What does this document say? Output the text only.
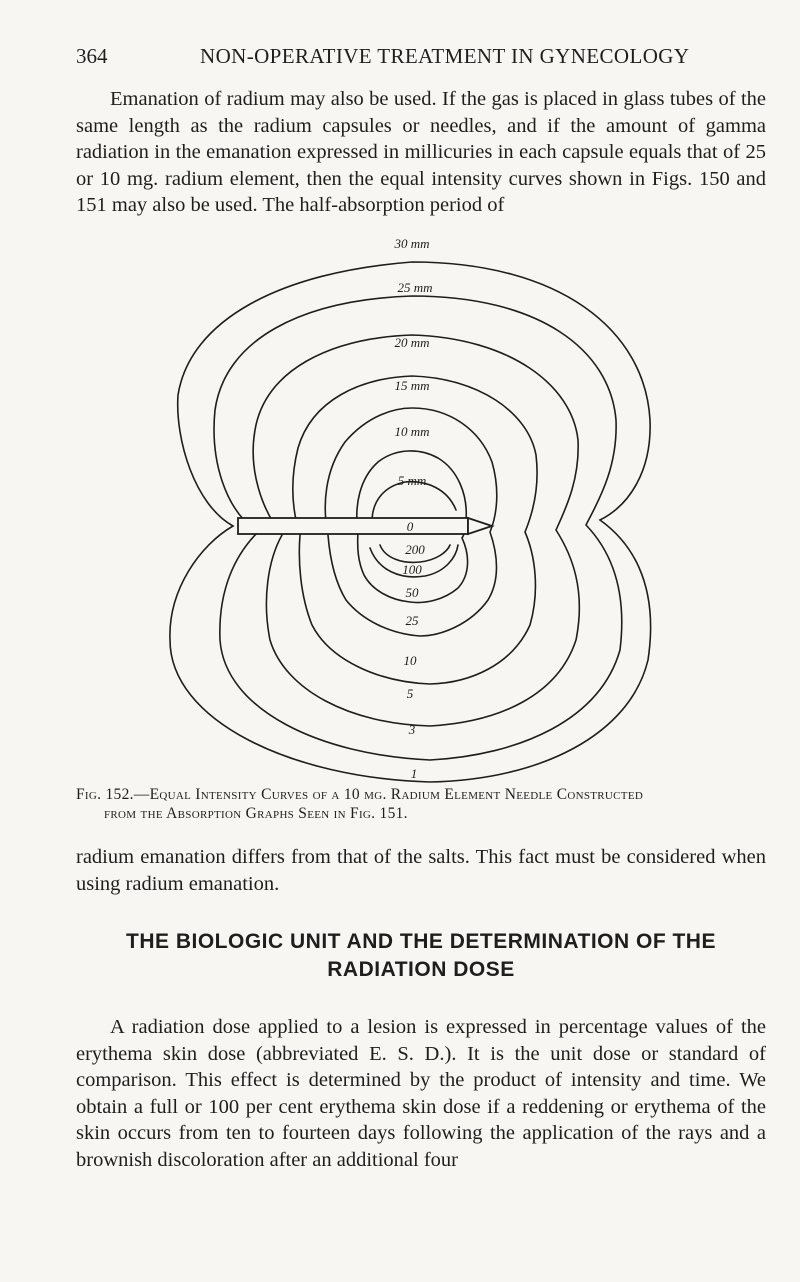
364	NON-OPERATIVE TREATMENT IN GYNECOLOGY

Emanation of radium may also be used. If the gas is placed in glass tubes of the same length as the radium capsules or needles, and if the amount of gamma radiation in the emanation expressed in millicuries in each capsule equals that of 25 or 10 mg. radium element, then the equal intensity curves shown in Figs. 150 and 151 may also be used. The half-absorption period of

30 mm
25 mm
20 mm
15 mm
10 mm
5 mm
0
200
100
50
25
10
5
3
1
Fig. 152.—Equal Intensity Curves of a 10 mg. Radium Element Needle Constructed
from the Absorption Graphs Seen in Fig. 151.

radium emanation differs from that of the salts. This fact must be considered when using radium emanation.

THE BIOLOGIC UNIT AND THE DETERMINATION OF THE
RADIATION DOSE

A radiation dose applied to a lesion is expressed in percentage values of the erythema skin dose (abbreviated E. S. D.). It is the unit dose or standard of comparison. This effect is determined by the product of intensity and time. We obtain a full or 100 per cent erythema skin dose if a reddening or erythema of the skin occurs from ten to fourteen days following the application of the rays and a brownish discoloration after an additional four
